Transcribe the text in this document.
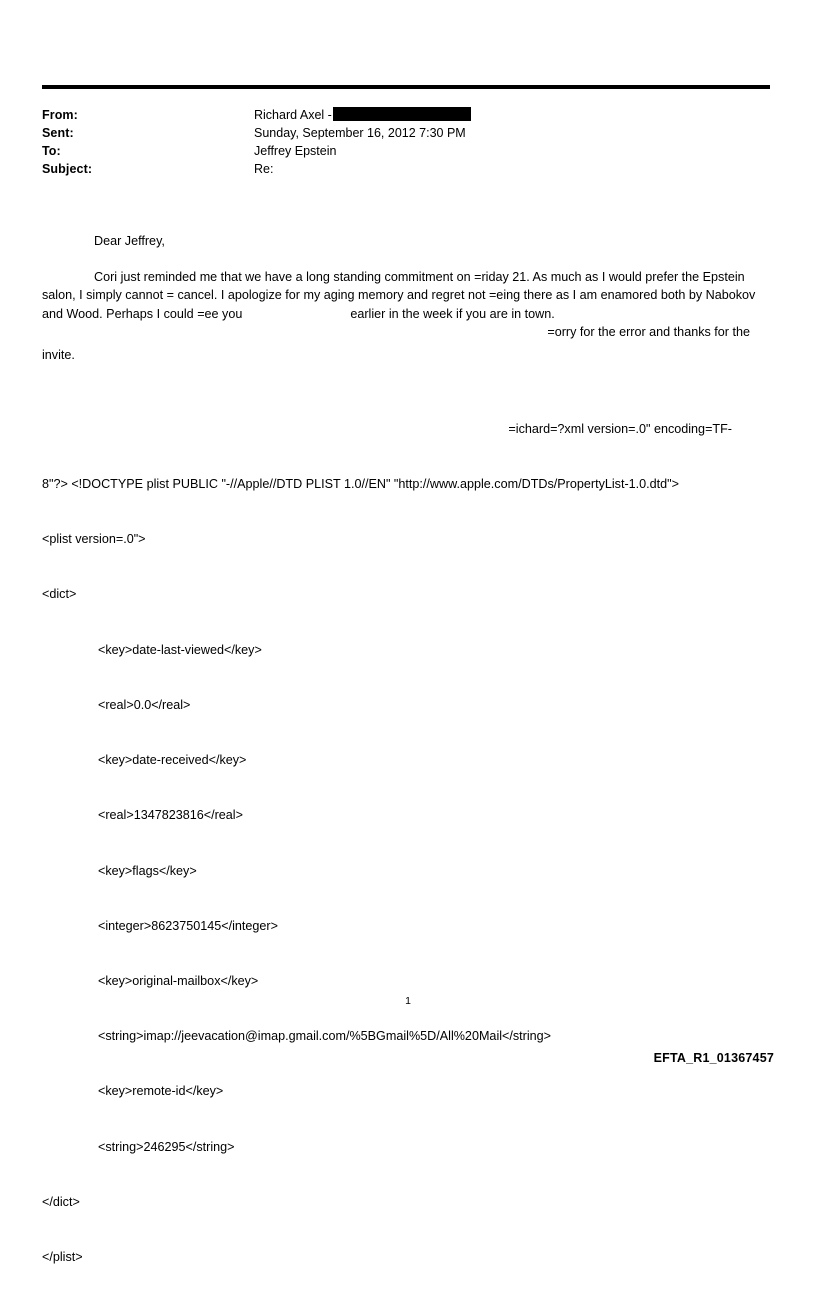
From:	Richard Axel -
Sent:	Sunday, September 16, 2012 7:30 PM
To:	Jeffrey Epstein
Subject:	Re:
Dear Jeffrey,
Cori just reminded me that we have a long standing commitment on =riday 21. As much as I would prefer the Epstein salon, I simply cannot = cancel. I apologize for my aging memory and regret not =eing there as I am enamored both by Nabokov and Wood. Perhaps I could =ee you	earlier in the week if you are in town.
=orry for the error and thanks for the
invite.

=ichard=?xml version=.0" encoding=TF-

8"?> <!DOCTYPE plist PUBLIC "-//Apple//DTD PLIST 1.0//EN" "http://www.apple.com/DTDs/PropertyList-1.0.dtd">

<plist version=.0">

<dict>

	<key>date-last-viewed</key>

	<real>0.0</real>

	<key>date-received</key>

	<real>1347823816</real>

	<key>flags</key>

	<integer>8623750145</integer>

	<key>original-mailbox</key>

	<string>imap://jeevacation@imap.gmail.com/%5BGmail%5D/All%20Mail</string>

	<key>remote-id</key>

	<string>246295</string>

</dict>

</plist>

1
EFTA_R1_01367457
